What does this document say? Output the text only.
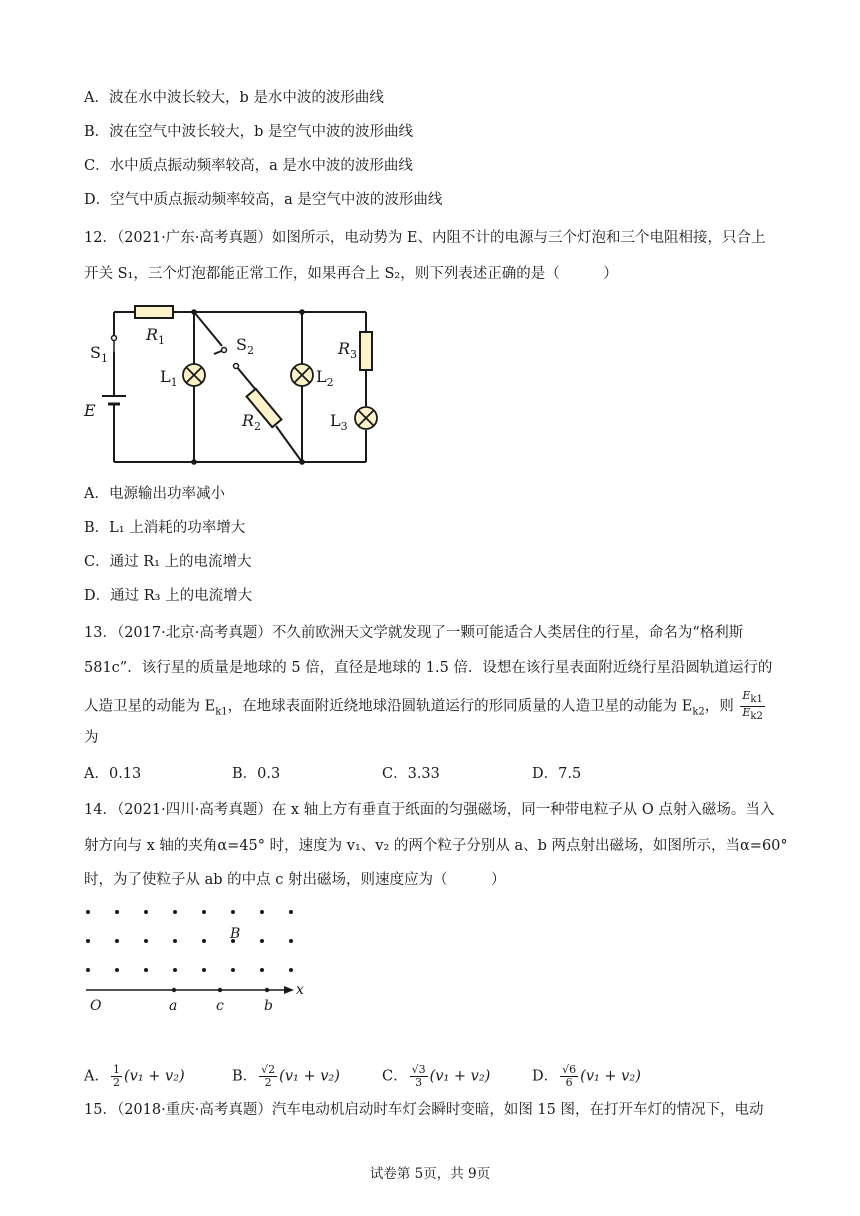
A．波在水中波长较大，b 是水中波的波形曲线
B．波在空气中波长较大，b 是空气中波的波形曲线
C．水中质点振动频率较高，a 是水中波的波形曲线
D．空气中质点振动频率较高，a 是空气中波的波形曲线
12．（2021·广东·高考真题）如图所示，电动势为 E、内阻不计的电源与三个灯泡和三个电阻相接，只合上
开关 S₁，三个灯泡都能正常工作，如果再合上 S₂，则下列表述正确的是（　　　）
$S_1$
$R_1$	$S_2$
$L_1$	$L_2$
$R_3$
$R_2$	$L_3$
E
A．电源输出功率减小
B．L₁ 上消耗的功率增大
C．通过 R₁ 上的电流增大
D．通过 R₃ 上的电流增大
13．（2017·北京·高考真题）不久前欧洲天文学就发现了一颗可能适合人类居住的行星，命名为“格利斯
581c”．该行星的质量是地球的 5 倍，直径是地球的 1.5 倍．设想在该行星表面附近绕行星沿圆轨道运行的
人造卫星的动能为 $E_{k1}$，在地球表面附近绕地球沿圆轨道运行的形同质量的人造卫星的动能为 $E_{k2}$，则 $\frac{E_{k1}}{E_{k2}}$
为
A．0.13	B．0.3	C．3.33	D．7.5
14．（2021·四川·高考真题）在 x 轴上方有垂直于纸面的匀强磁场，同一种带电粒子从 O 点射入磁场。当入
射方向与 x 轴的夹角α=45° 时，速度为 v₁、v₂ 的两个粒子分别从 a、b 两点射出磁场，如图所示，当α=60°
时，为了使粒子从 ab 的中点 c 射出磁场，则速度应为（　　　）
B
O	a	c	b
x
A． $\frac{1}{2} (v_1 + v_2)$	B． $\frac{√2}{2} (v_1 + v_2)$	C． $\frac{√3}{3} (v_1 + v_2)$	D． $\frac{√6}{6} (v_1 + v_2)$
15．（2018·重庆·高考真题）汽车电动机启动时车灯会瞬时变暗，如图 15 图，在打开车灯的情况下，电动
试卷第 5页，共 9页
